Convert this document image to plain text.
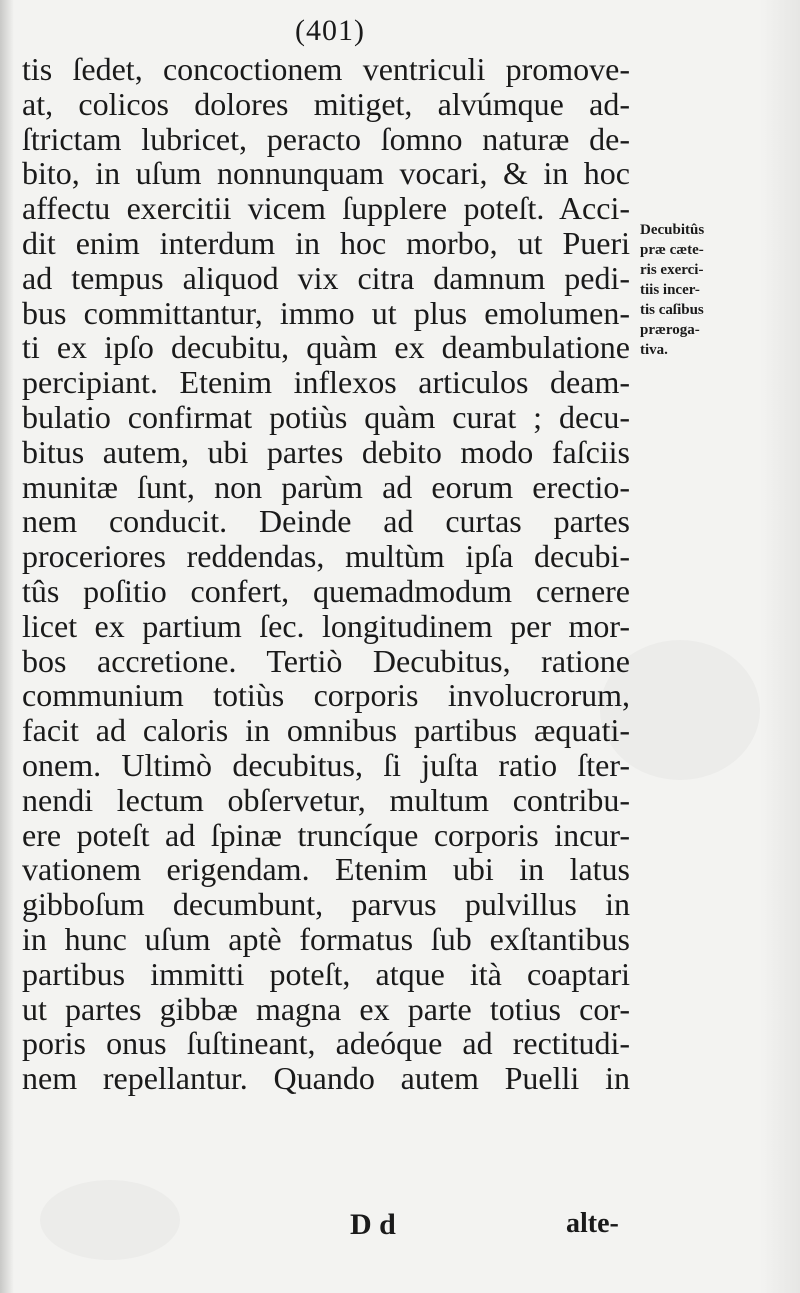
(401)
tis ſedet, concoctionem ventriculi promove-
at, colicos dolores mitiget, alvúmque ad-
ſtrictam lubricet, peracto ſomno naturæ de-
bito, in uſum nonnunquam vocari, & in hoc
affectu exercitii vicem ſupplere poteſt. Acci-
dit enim interdum in hoc morbo, ut Pueri
ad tempus aliquod vix citra damnum pedi-
bus committantur, immo ut plus emolumen-
ti ex ipſo decubitu, quàm ex deambulatione
percipiant. Etenim inflexos articulos deam-
bulatio confirmat potiùs quàm curat ; decu-
bitus autem, ubi partes debito modo faſciis
munitæ ſunt, non parùm ad eorum erectio-
nem conducit. Deinde ad curtas partes
proceriores reddendas, multùm ipſa decubi-
tûs poſitio confert, quemadmodum cernere
licet ex partium ſec. longitudinem per mor-
bos accretione. Tertiò Decubitus, ratione
communium totiùs corporis involucrorum,
facit ad caloris in omnibus partibus æquati-
onem. Ultimò decubitus, ſi juſta ratio ſter-
nendi lectum obſervetur, multum contribu-
ere poteſt ad ſpinæ truncíque corporis incur-
vationem erigendam. Etenim ubi in latus
gibboſum decumbunt, parvus pulvillus in
in hunc uſum aptè formatus ſub exſtantibus
partibus immitti poteſt, atque ità coaptari
ut partes gibbæ magna ex parte totius cor-
poris onus ſuſtineant, adeóque ad rectitudi-
nem repellantur. Quando autem Puelli in
Decubitûs
præ cæte-
ris exerci-
tiis incer-
tis caſibus
prærogа-
tiva.
D d	alte-
